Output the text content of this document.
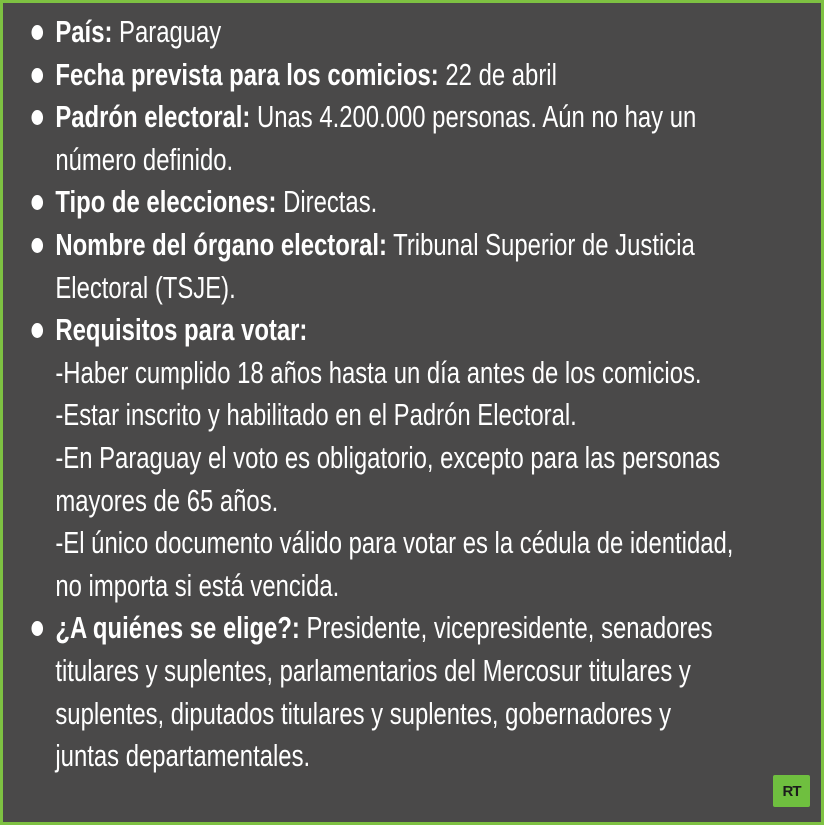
País: Paraguay
Fecha prevista para los comicios: 22 de abril
Padrón electoral: Unas 4.200.000 personas. Aún no hay un
número definido.
Tipo de elecciones: Directas.
Nombre del órgano electoral: Tribunal Superior de Justicia
Electoral (TSJE).
Requisitos para votar:
-Haber cumplido 18 años hasta un día antes de los comicios.
-Estar inscrito y habilitado en el Padrón Electoral.
-En Paraguay el voto es obligatorio, excepto para las personas
mayores de 65 años.
-El único documento válido para votar es la cédula de identidad,
no importa si está vencida.
¿A quiénes se elige?: Presidente, vicepresidente, senadores
titulares y suplentes, parlamentarios del Mercosur titulares y
suplentes, diputados titulares y suplentes, gobernadores y
juntas departamentales.
RT
